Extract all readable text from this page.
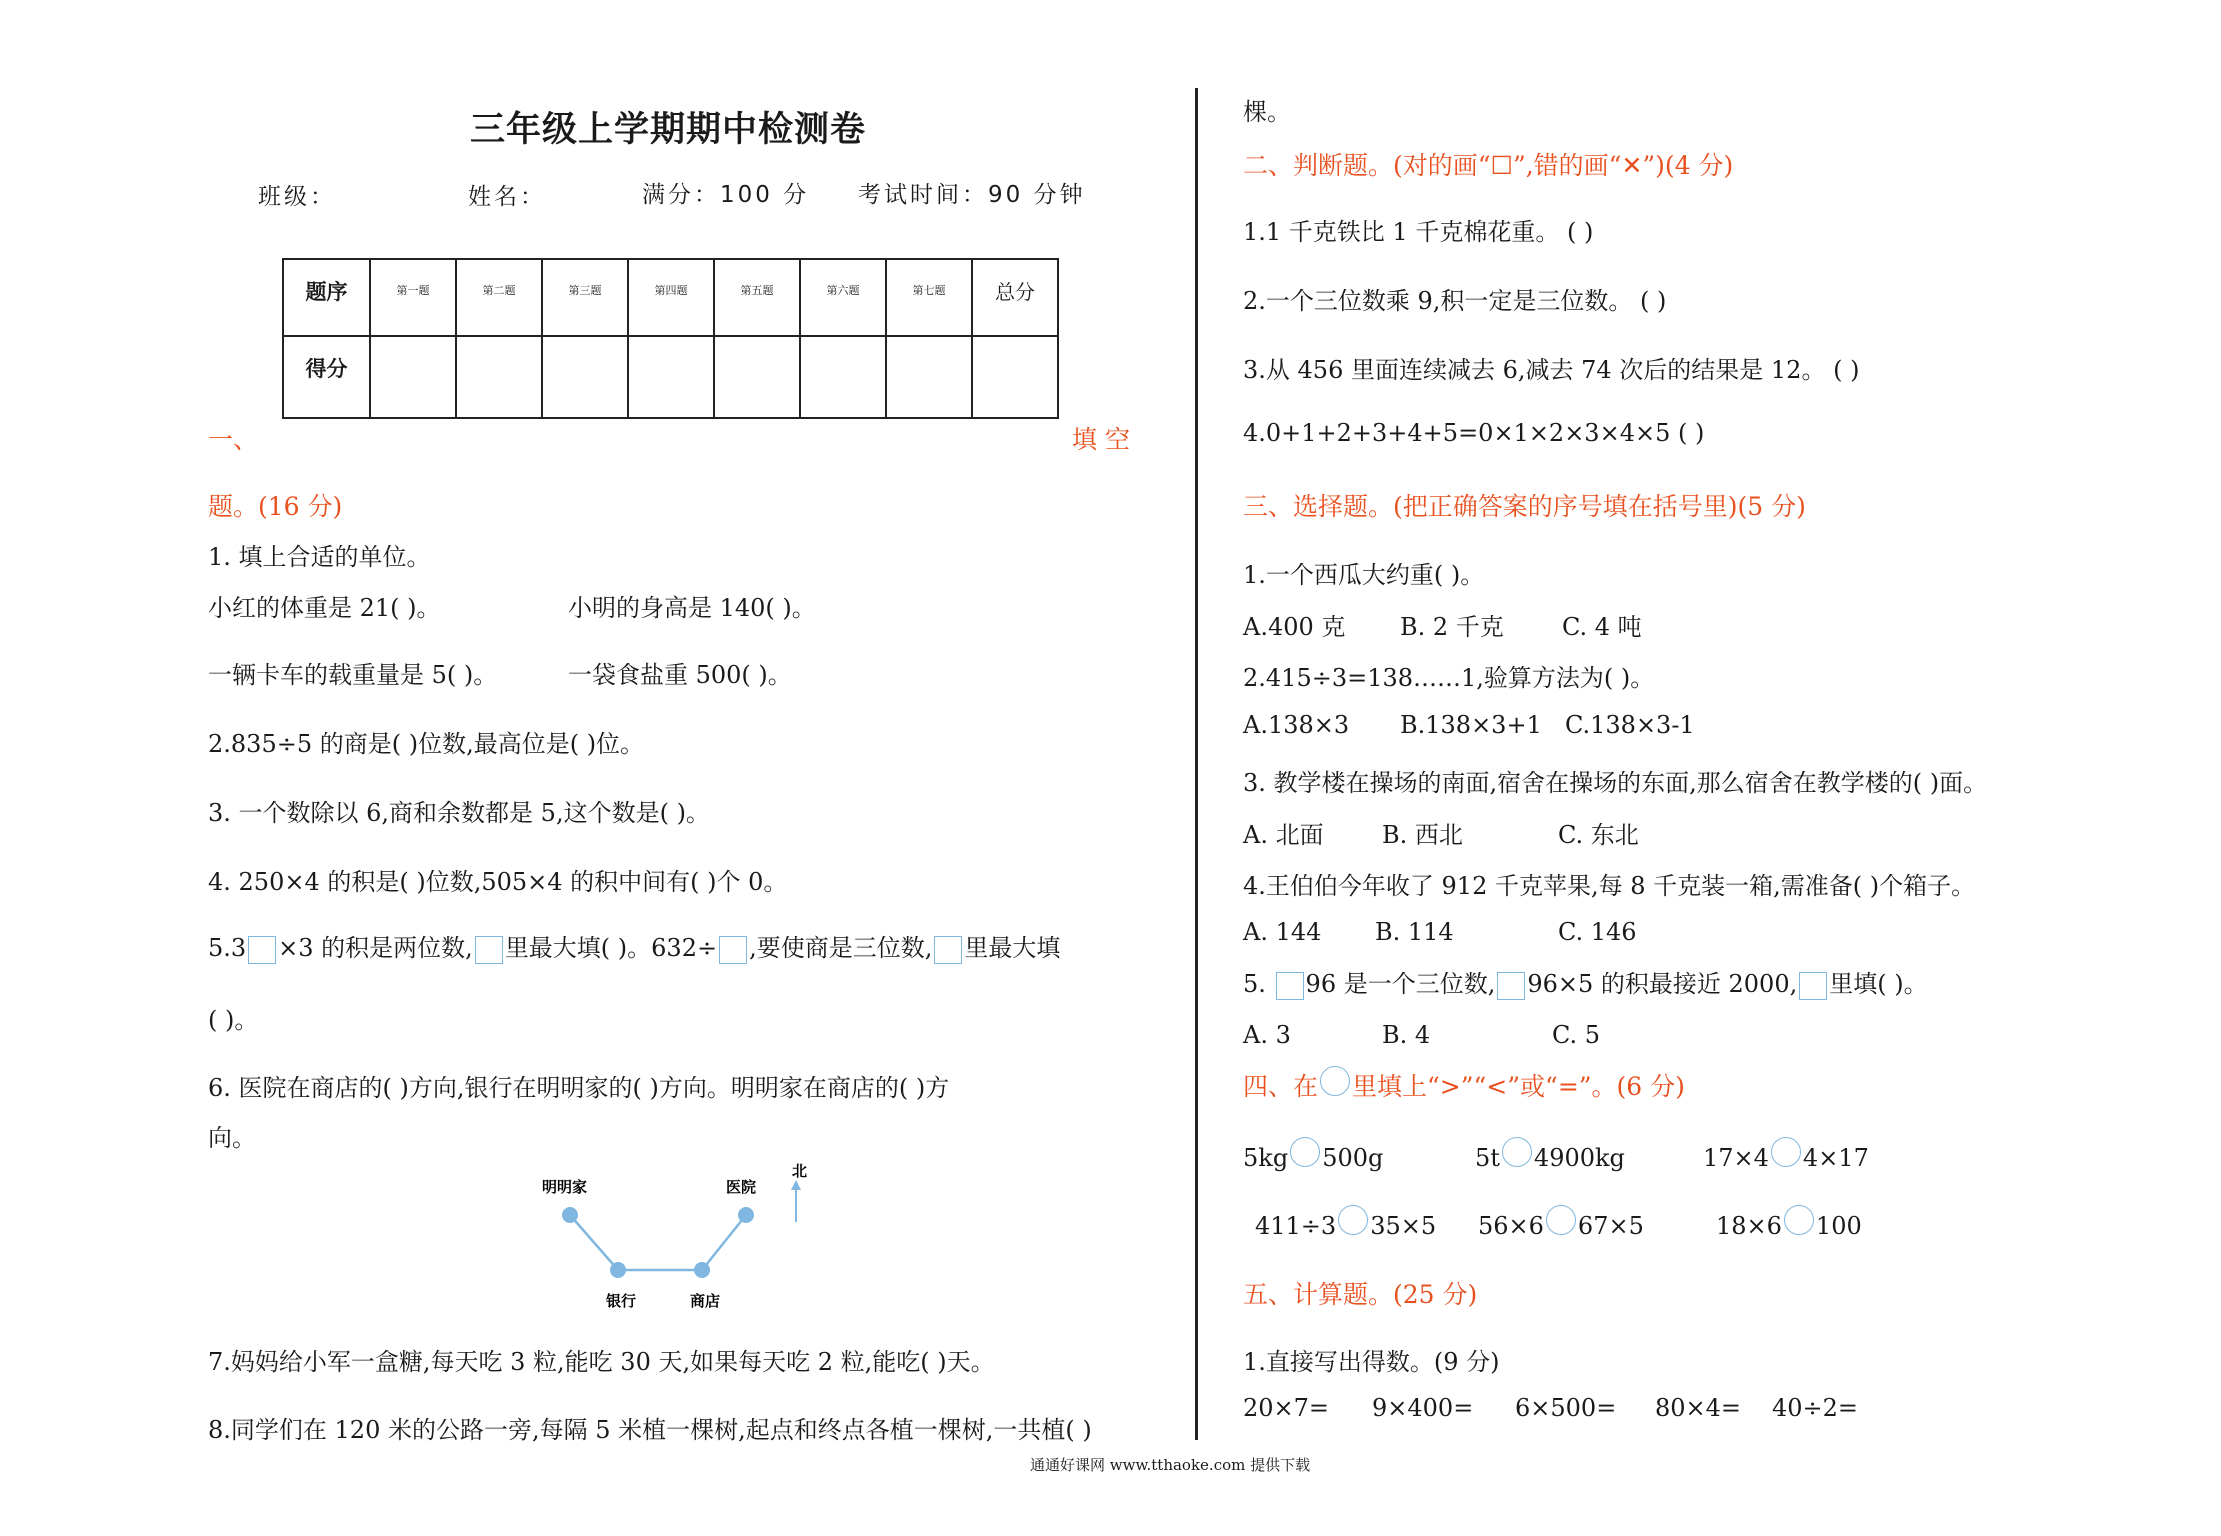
三年级上学期期中检测卷
班级：	姓名：	满分：100 分 考试时间：90 分钟
题序	第一题	第二题	第三题	第四题	第五题	第六题	第七题	总分
得分								
一、	填 空
题。(16 分)
1. 填上合适的单位。
小红的体重是 21( )。	小明的身高是 140( )。
一辆卡车的载重量是 5( )。	一袋食盐重 500( )。
2.835÷5 的商是( )位数,最高位是( )位。
3. 一个数除以 6,商和余数都是 5,这个数是( )。
4. 250×4 的积是( )位数,505×4 的积中间有( )个 0。
5.3 ×3 的积是两位数, 里最大填( )。632÷ ,要使商是三位数, 里最大填
( )。
6. 医院在商店的( )方向,银行在明明家的( )方向。明明家在商店的( )方
向。
明明家	医院
北
银行	商店
7.妈妈给小军一盒糖,每天吃 3 粒,能吃 30 天,如果每天吃 2 粒,能吃( )天。
8.同学们在 120 米的公路一旁,每隔 5 米植一棵树,起点和终点各植一棵树,一共植( )
棵。
二、判断题。(对的画“☐”,错的画“✕”)(4 分)
1.1 千克铁比 1 千克棉花重。 ( )
2.一个三位数乘 9,积一定是三位数。 ( )
3.从 456 里面连续减去 6,减去 74 次后的结果是 12。 ( )
4.0+1+2+3+4+5=0×1×2×3×4×5 ( )
三、选择题。(把正确答案的序号填在括号里)(5 分)
1.一个西瓜大约重( )。
A.400 克 B. 2 千克 C. 4 吨
2.415÷3=138……1,验算方法为( )。
A.138×3 B.138×3+1 C.138×3-1
3. 教学楼在操场的南面,宿舍在操场的东面,那么宿舍在教学楼的( )面。
A. 北面 B. 西北	C. 东北
4.王伯伯今年收了 912 千克苹果,每 8 千克装一箱,需准备( )个箱子。
A. 144 B. 114	C. 146
5. 96 是一个三位数, 96×5 的积最接近 2000, 里填( )。
A. 3	B. 4	C. 5
四、在 里填上“>”“<”或“=”。(6 分)
5kg 500g	5t 4900kg	17×4 4×17
411÷3 35×5 56×6 67×5	18×6 100
五、计算题。(25 分)
1.直接写出得数。(9 分)
20×7= 9×400= 6×500= 80×4= 40÷2=
通通好课网 www.tthaoke.com 提供下载
